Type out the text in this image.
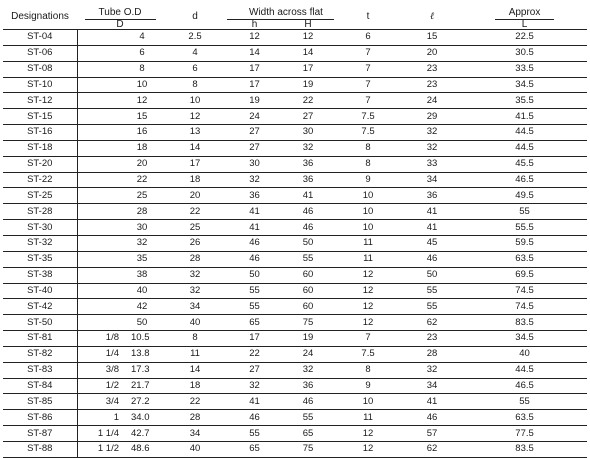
Designations	Tube O.D		d	Width across flat		t	ℓ	Approx
	D			h	H			L
ST-04		4	2.5	12	12	6	15	22.5
ST-06		6	4	14	14	7	20	30.5
ST-08		8	6	17	17	7	23	33.5
ST-10		10	8	17	19	7	23	34.5
ST-12		12	10	19	22	7	24	35.5
ST-15		15	12	24	27	7.5	29	41.5
ST-16		16	13	27	30	7.5	32	44.5
ST-18		18	14	27	32	8	32	44.5
ST-20		20	17	30	36	8	33	45.5
ST-22		22	18	32	36	9	34	46.5
ST-25		25	20	36	41	10	36	49.5
ST-28		28	22	41	46	10	41	55
ST-30		30	25	41	46	10	41	55.5
ST-32		32	26	46	50	11	45	59.5
ST-35		35	28	46	55	11	46	63.5
ST-38		38	32	50	60	12	50	69.5
ST-40		40	32	55	60	12	55	74.5
ST-42		42	34	55	60	12	55	74.5
ST-50		50	40	65	75	12	62	83.5
ST-81	1/8	10.5	8	17	19	7	23	34.5
ST-82	1/4	13.8	11	22	24	7.5	28	40
ST-83	3/8	17.3	14	27	32	8	32	44.5
ST-84	1/2	21.7	18	32	36	9	34	46.5
ST-85	3/4	27.2	22	41	46	10	41	55
ST-86	1	34.0	28	46	55	11	46	63.5
ST-87	1 1/4	42.7	34	55	65	12	57	77.5
ST-88	1 1/2	48.6	40	65	75	12	62	83.5
